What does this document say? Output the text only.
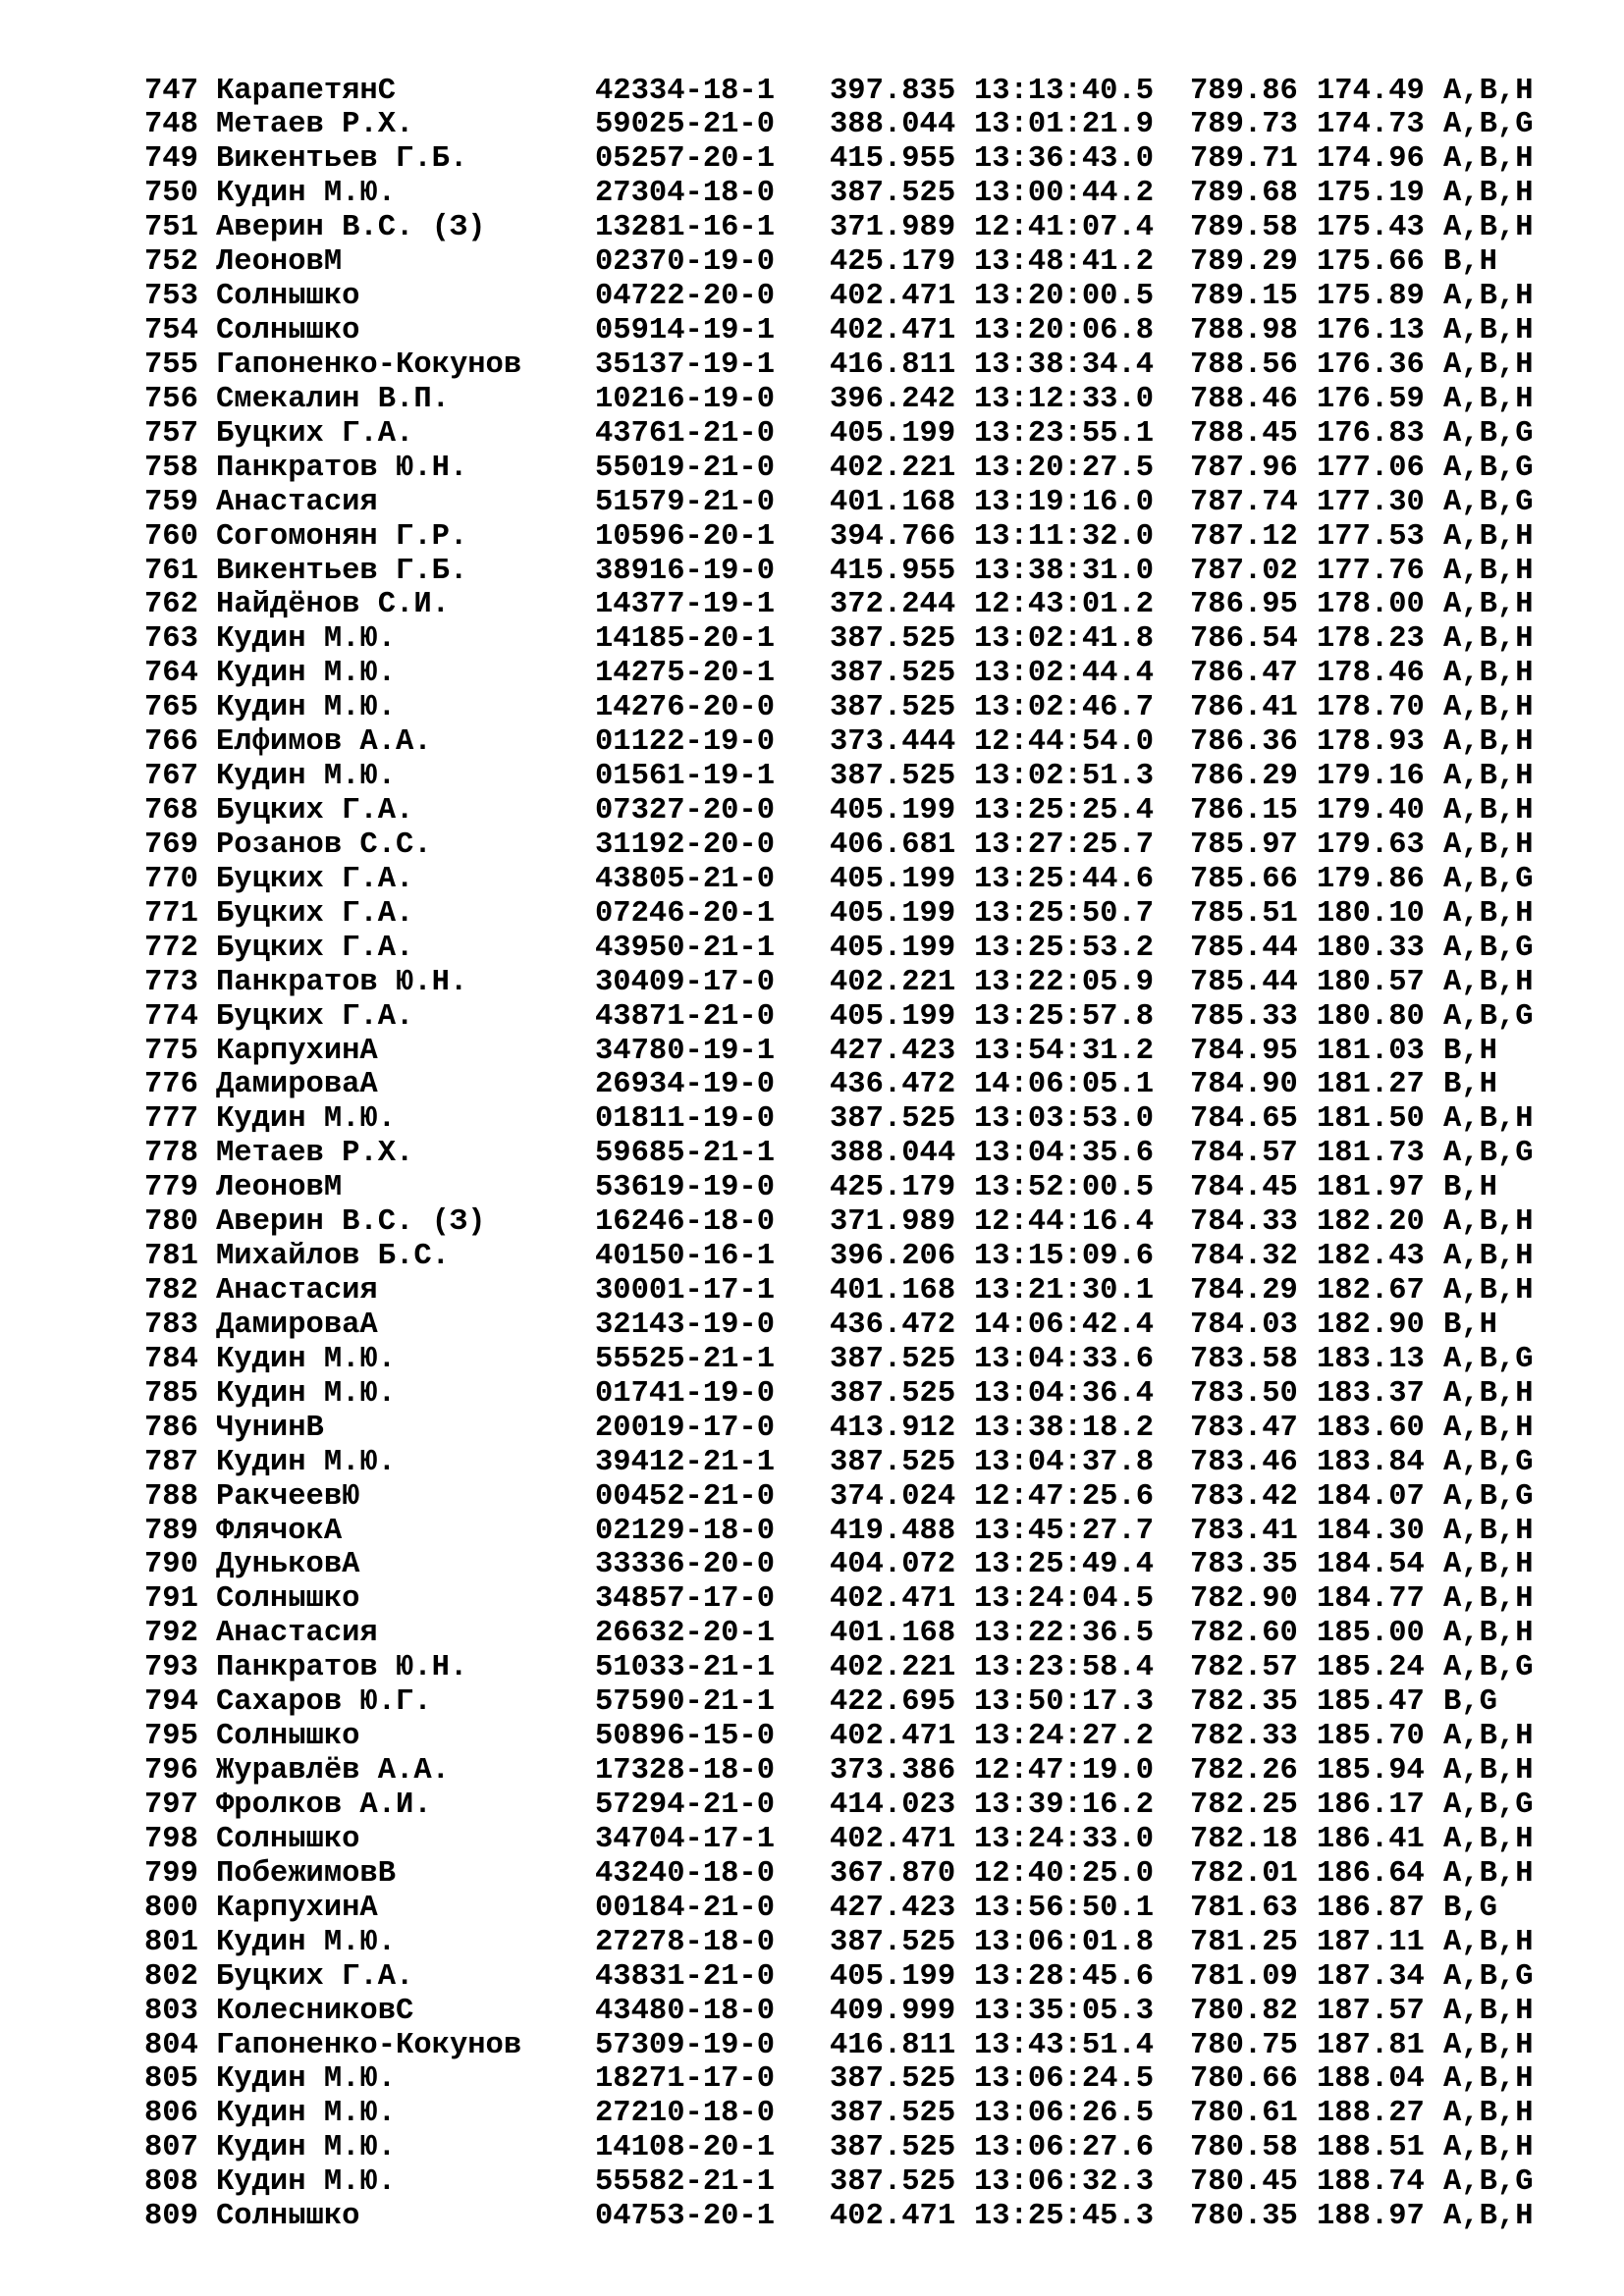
747 КарапетянС	42334-18-1 397.835 13:13:40.5 789.86 174.49 A,B,H
748 Метаев Р.Х.	59025-21-0 388.044 13:01:21.9 789.73 174.73 A,B,G
749 Викентьев Г.Б.	05257-20-1 415.955 13:36:43.0 789.71 174.96 A,B,H
750 Кудин М.Ю.	27304-18-0 387.525 13:00:44.2 789.68 175.19 A,B,H
751 Аверин В.С. (З)	13281-16-1 371.989 12:41:07.4 789.58 175.43 A,B,H
752 ЛеоновМ	02370-19-0 425.179 13:48:41.2 789.29 175.66 B,H
753 Солнышко	04722-20-0 402.471 13:20:00.5 789.15 175.89 A,B,H
754 Солнышко	05914-19-1 402.471 13:20:06.8 788.98 176.13 A,B,H
755 Гапоненко-Кокунов 35137-19-1 416.811 13:38:34.4 788.56 176.36 A,B,H
756 Смекалин В.П.	10216-19-0 396.242 13:12:33.0 788.46 176.59 A,B,H
757 Буцких Г.А.	43761-21-0 405.199 13:23:55.1 788.45 176.83 A,B,G
758 Панкратов Ю.Н.	55019-21-0 402.221 13:20:27.5 787.96 177.06 A,B,G
759 Анастасия	51579-21-0 401.168 13:19:16.0 787.74 177.30 A,B,G
760 Согомонян Г.Р.	10596-20-1 394.766 13:11:32.0 787.12 177.53 A,B,H
761 Викентьев Г.Б.	38916-19-0 415.955 13:38:31.0 787.02 177.76 A,B,H
762 Найдёнов С.И.	14377-19-1 372.244 12:43:01.2 786.95 178.00 A,B,H
763 Кудин М.Ю.	14185-20-1 387.525 13:02:41.8 786.54 178.23 A,B,H
764 Кудин М.Ю.	14275-20-1 387.525 13:02:44.4 786.47 178.46 A,B,H
765 Кудин М.Ю.	14276-20-0 387.525 13:02:46.7 786.41 178.70 A,B,H
766 Елфимов А.А.	01122-19-0 373.444 12:44:54.0 786.36 178.93 A,B,H
767 Кудин М.Ю.	01561-19-1 387.525 13:02:51.3 786.29 179.16 A,B,H
768 Буцких Г.А.	07327-20-0 405.199 13:25:25.4 786.15 179.40 A,B,H
769 Розанов С.С.	31192-20-0 406.681 13:27:25.7 785.97 179.63 A,B,H
770 Буцких Г.А.	43805-21-0 405.199 13:25:44.6 785.66 179.86 A,B,G
771 Буцких Г.А.	07246-20-1 405.199 13:25:50.7 785.51 180.10 A,B,H
772 Буцких Г.А.	43950-21-1 405.199 13:25:53.2 785.44 180.33 A,B,G
773 Панкратов Ю.Н.	30409-17-0 402.221 13:22:05.9 785.44 180.57 A,B,H
774 Буцких Г.А.	43871-21-0 405.199 13:25:57.8 785.33 180.80 A,B,G
775 КарпухинА	34780-19-1 427.423 13:54:31.2 784.95 181.03 B,H
776 ДамироваА	26934-19-0 436.472 14:06:05.1 784.90 181.27 B,H
777 Кудин М.Ю.	01811-19-0 387.525 13:03:53.0 784.65 181.50 A,B,H
778 Метаев Р.Х.	59685-21-1 388.044 13:04:35.6 784.57 181.73 A,B,G
779 ЛеоновМ	53619-19-0 425.179 13:52:00.5 784.45 181.97 B,H
780 Аверин В.С. (З)	16246-18-0 371.989 12:44:16.4 784.33 182.20 A,B,H
781 Михайлов Б.С.	40150-16-1 396.206 13:15:09.6 784.32 182.43 A,B,H
782 Анастасия	30001-17-1 401.168 13:21:30.1 784.29 182.67 A,B,H
783 ДамироваА	32143-19-0 436.472 14:06:42.4 784.03 182.90 B,H
784 Кудин М.Ю.	55525-21-1 387.525 13:04:33.6 783.58 183.13 A,B,G
785 Кудин М.Ю.	01741-19-0 387.525 13:04:36.4 783.50 183.37 A,B,H
786 ЧунинВ	20019-17-0 413.912 13:38:18.2 783.47 183.60 A,B,H
787 Кудин М.Ю.	39412-21-1 387.525 13:04:37.8 783.46 183.84 A,B,G
788 РакчеевЮ	00452-21-0 374.024 12:47:25.6 783.42 184.07 A,B,G
789 ФлячокА	02129-18-0 419.488 13:45:27.7 783.41 184.30 A,B,H
790 ДуньковА	33336-20-0 404.072 13:25:49.4 783.35 184.54 A,B,H
791 Солнышко	34857-17-0 402.471 13:24:04.5 782.90 184.77 A,B,H
792 Анастасия	26632-20-1 401.168 13:22:36.5 782.60 185.00 A,B,H
793 Панкратов Ю.Н.	51033-21-1 402.221 13:23:58.4 782.57 185.24 A,B,G
794 Сахаров Ю.Г.	57590-21-1 422.695 13:50:17.3 782.35 185.47 B,G
795 Солнышко	50896-15-0 402.471 13:24:27.2 782.33 185.70 A,B,H
796 Журавлёв А.А.	17328-18-0 373.386 12:47:19.0 782.26 185.94 A,B,H
797 Фролков А.И.	57294-21-0 414.023 13:39:16.2 782.25 186.17 A,B,G
798 Солнышко	34704-17-1 402.471 13:24:33.0 782.18 186.41 A,B,H
799 ПобежимовВ	43240-18-0 367.870 12:40:25.0 782.01 186.64 A,B,H
800 КарпухинА	00184-21-0 427.423 13:56:50.1 781.63 186.87 B,G
801 Кудин М.Ю.	27278-18-0 387.525 13:06:01.8 781.25 187.11 A,B,H
802 Буцких Г.А.	43831-21-0 405.199 13:28:45.6 781.09 187.34 A,B,G
803 КолесниковС	43480-18-0 409.999 13:35:05.3 780.82 187.57 A,B,H
804 Гапоненко-Кокунов 57309-19-0 416.811 13:43:51.4 780.75 187.81 A,B,H
805 Кудин М.Ю.	18271-17-0 387.525 13:06:24.5 780.66 188.04 A,B,H
806 Кудин М.Ю.	27210-18-0 387.525 13:06:26.5 780.61 188.27 A,B,H
807 Кудин М.Ю.	14108-20-1 387.525 13:06:27.6 780.58 188.51 A,B,H
808 Кудин М.Ю.	55582-21-1 387.525 13:06:32.3 780.45 188.74 A,B,G
809 Солнышко	04753-20-1 402.471 13:25:45.3 780.35 188.97 A,B,H
